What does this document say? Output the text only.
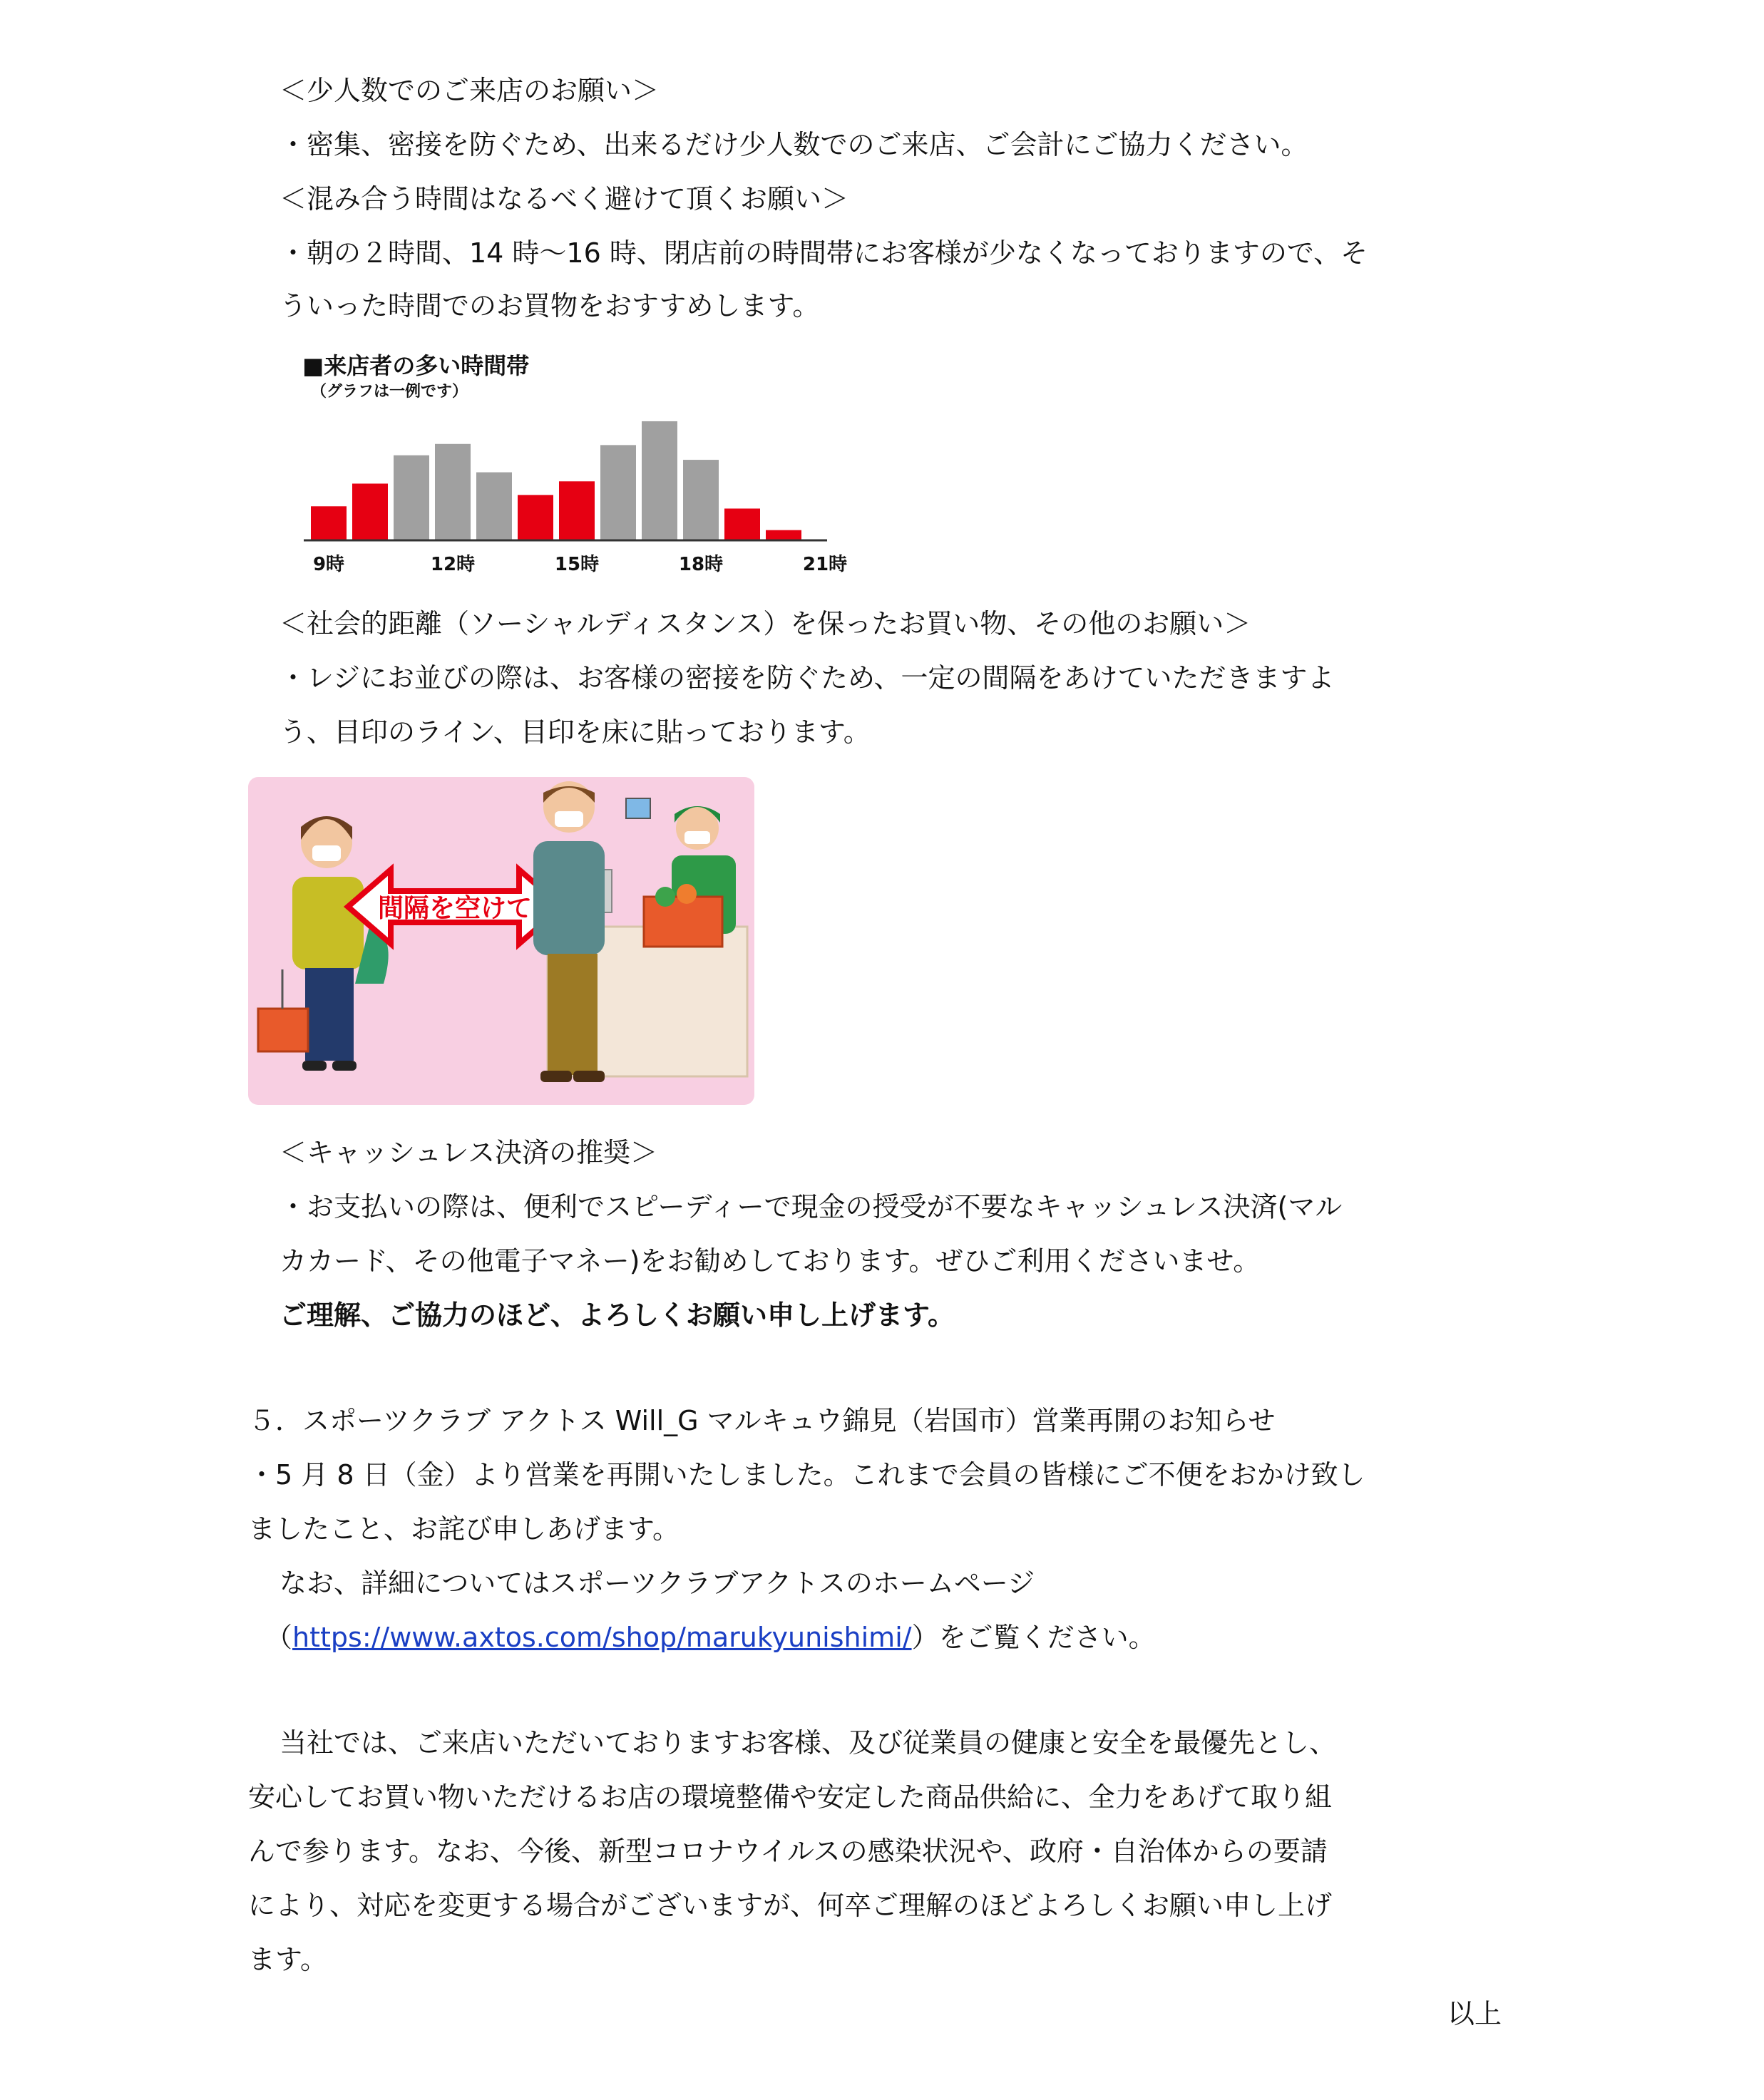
＜少人数でのご来店のお願い＞
・密集、密接を防ぐため、出来るだけ少人数でのご来店、ご会計にご協力ください。
＜混み合う時間はなるべく避けて頂くお願い＞
・朝の２時間、14 時～16 時、閉店前の時間帯にお客様が少なくなっておりますので、そ
ういった時間でのお買物をおすすめします。
■来店者の多い時間帯
（グラフは一例です）
9時	12時	15時	18時	21時
＜社会的距離（ソーシャルディスタンス）を保ったお買い物、その他のお願い＞
・レジにお並びの際は、お客様の密接を防ぐため、一定の間隔をあけていただきますよ
う、目印のライン、目印を床に貼っております。
間隔を空けて
＜キャッシュレス決済の推奨＞
・お支払いの際は、便利でスピーディーで現金の授受が不要なキャッシュレス決済(マル
カカード、その他電子マネー)をお勧めしております。ぜひご利用くださいませ。
ご理解、ご協力のほど、よろしくお願い申し上げます。
５．スポーツクラブ アクトス Will_G マルキュウ錦見（岩国市）営業再開のお知らせ
・5 月 8 日（金）より営業を再開いたしました。これまで会員の皆様にご不便をおかけ致し
ましたこと、お詫び申しあげます。
なお、詳細についてはスポーツクラブアクトスのホームページ
（https://www.axtos.com/shop/marukyunishimi/）をご覧ください。
当社では、ご来店いただいておりますお客様、及び従業員の健康と安全を最優先とし、
安心してお買い物いただけるお店の環境整備や安定した商品供給に、全力をあげて取り組
んで参ります。なお、今後、新型コロナウイルスの感染状況や、政府・自治体からの要請
により、対応を変更する場合がございますが、何卒ご理解のほどよろしくお願い申し上げ
ます。
以上
